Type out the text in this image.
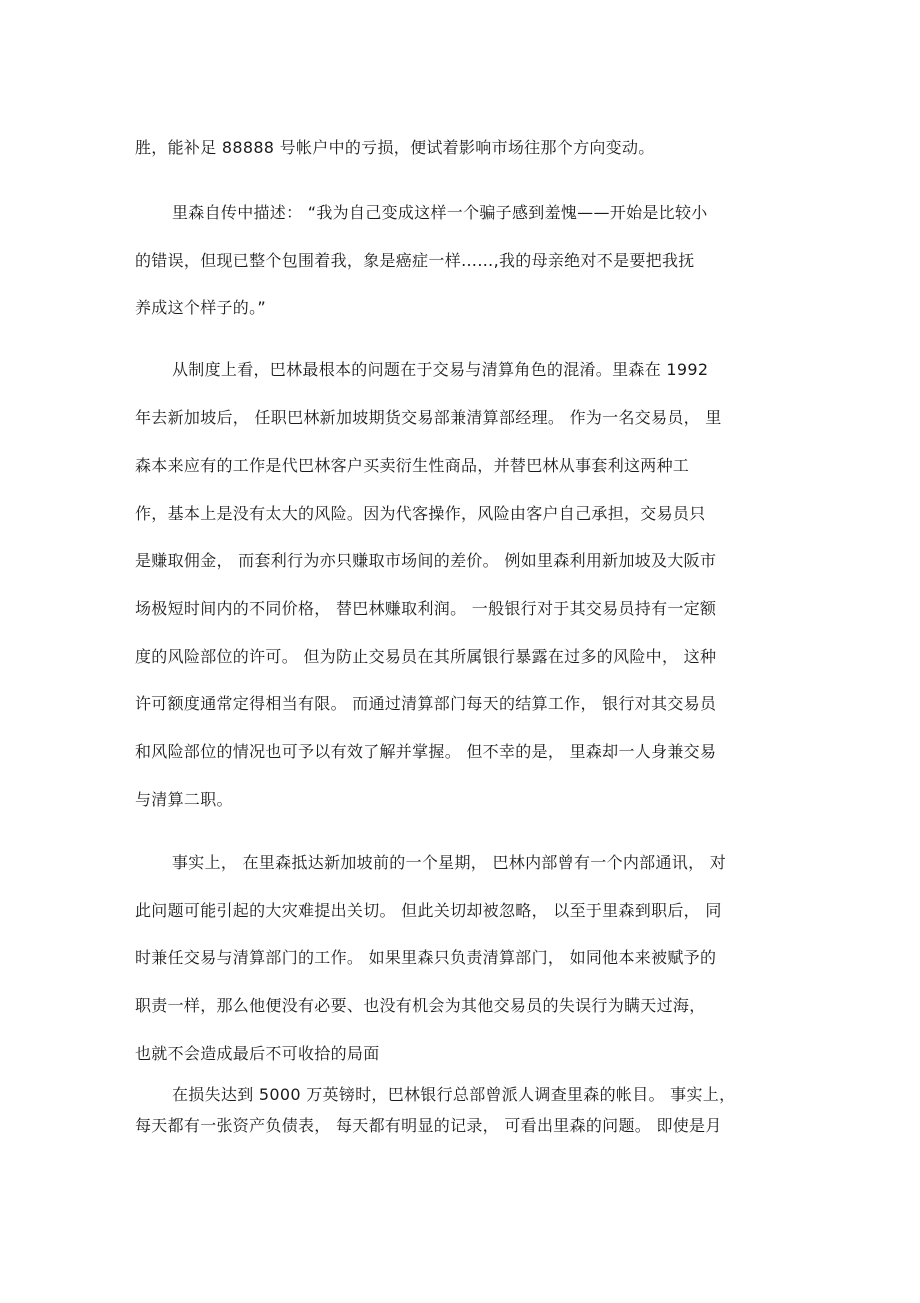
胜，能补足 88888 号帐户中的亏损，便试着影响市场往那个方向变动。
里森自传中描述： “我为自己变成这样一个骗子感到羞愧——开始是比较小
的错误，但现已整个包围着我，象是癌症一样……,我的母亲绝对不是要把我抚
养成这个样子的。”
从制度上看，巴林最根本的问题在于交易与清算角色的混淆。里森在 1992
年去新加坡后， 任职巴林新加坡期货交易部兼清算部经理。 作为一名交易员， 里
森本来应有的工作是代巴林客户买卖衍生性商品，并替巴林从事套利这两种工
作，基本上是没有太大的风险。因为代客操作，风险由客户自己承担，交易员只
是赚取佣金， 而套利行为亦只赚取市场间的差价。 例如里森利用新加坡及大阪市
场极短时间内的不同价格， 替巴林赚取利润。 一般银行对于其交易员持有一定额
度的风险部位的许可。 但为防止交易员在其所属银行暴露在过多的风险中， 这种
许可额度通常定得相当有限。 而通过清算部门每天的结算工作， 银行对其交易员
和风险部位的情况也可予以有效了解并掌握。 但不幸的是， 里森却一人身兼交易
与清算二职。
事实上， 在里森抵达新加坡前的一个星期， 巴林内部曾有一个内部通讯， 对
此问题可能引起的大灾难提出关切。 但此关切却被忽略， 以至于里森到职后， 同
时兼任交易与清算部门的工作。 如果里森只负责清算部门， 如同他本来被赋予的
职责一样，那么他便没有必要、也没有机会为其他交易员的失误行为瞒天过海，
也就不会造成最后不可收拾的局面
在损失达到 5000 万英镑时，巴林银行总部曾派人调查里森的帐目。 事实上，
每天都有一张资产负债表， 每天都有明显的记录， 可看出里森的问题。 即使是月
